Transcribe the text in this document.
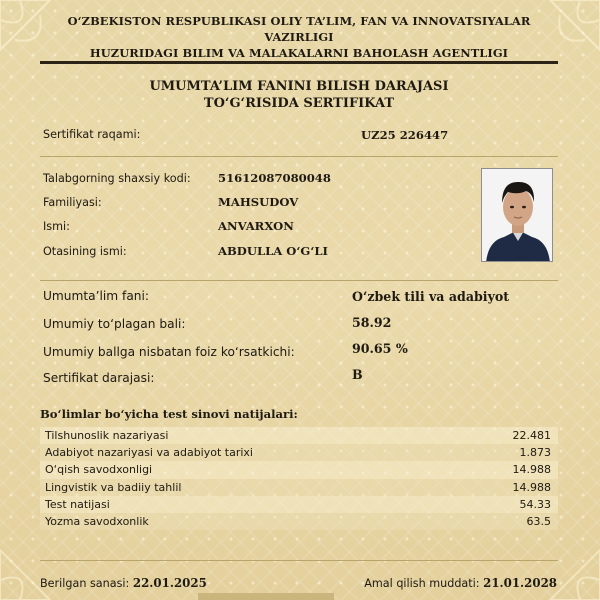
O‘ZBEKISTON RESPUBLIKASI OLIY TA’LIM, FAN VA INNOVATSIYALAR VAZIRLIGI
HUZURIDAGI BILIM VA MALAKALARNI BAHOLASH AGENTLIGI
UMUMTA’LIM FANINI BILISH DARAJASI
TO‘G‘RISIDA SERTIFIKAT
Sertifikat raqami:	UZ25 226447
Talabgorning shaxsiy kodi: 51612087080048
Familiyasi:	MAHSUDOV
Ismi:	ANVARXON
Otasining ismi:	ABDULLA O‘G‘LI
Umumta’lim fani:	O‘zbek tili va adabiyot
Umumiy to‘plagan bali:	58.92
Umumiy ballga nisbatan foiz ko‘rsatkichi:	90.65 %
Sertifikat darajasi:	B
Bo‘limlar bo‘yicha test sinovi natijalari:
Tilshunoslik nazariyasi	22.481
Adabiyot nazariyasi va adabiyot tarixi	1.873
O‘qish savodxonligi	14.988
Lingvistik va badiiy tahlil	14.988
Test natijasi	54.33
Yozma savodxonlik	63.5
Berilgan sanasi: 22.01.2025	Amal qilish muddati: 21.01.2028
